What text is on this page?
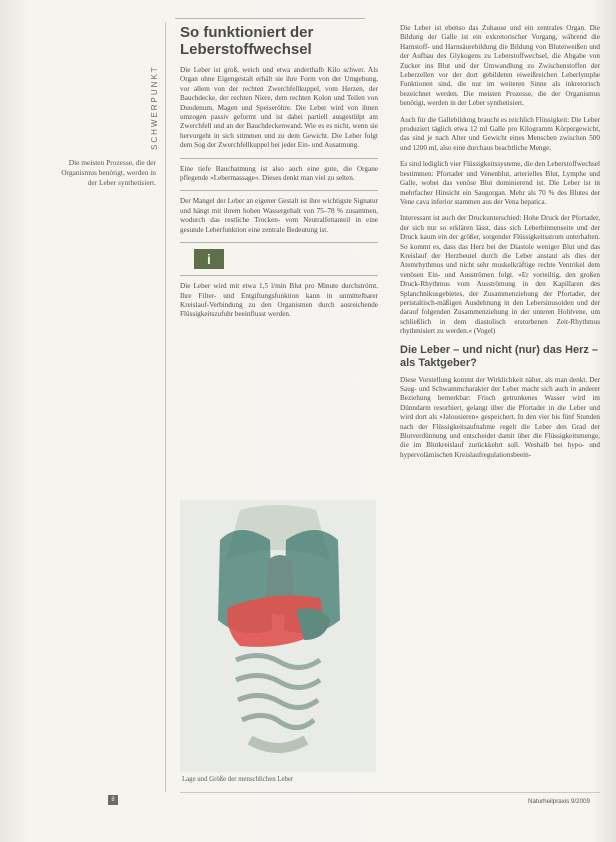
SCHWERPUNKT
Die meisten Prozesse, die der Organismus benötigt, werden in der Leber synthetisiert.
So funktioniert der Leberstoffwechsel

Die Leber ist groß, weich und etwa anderthalb Kilo schwer. Als Organ ohne Eigengestalt erhält sie ihre Form von der Umgebung, vor allem von der rechten Zwerchfellkuppel, vom Herzen, der Bauchdecke, der rechten Niere, dem rechten Kolon und Teilen von Duodenum, Magen und Speiseröhre. Die Leber wird von ihnen umzogen passiv geformt und ist dabei partiell ausgestülpt am Zwerchfell und an der Bauchdeckenwand. Wie es es nicht, wenn sie hervorgeht in sich stimmen und zu dem Gewicht. Die Leber folgt dem Sog der Zwerchfellkuppel bei jeder Ein- und Ausatmung.

Eine tiefe Bauchatmung ist also auch eine gute, die Organe pflegende »Lebermassage«. Dieses denkt man viel zu selten.

Der Mangel der Leber an eigener Gestalt ist ihre wichtigste Signatur und hängt mit ihrem hohen Wassergehalt von 75–78 % zusammen, wodurch das restliche Trocken- vom Neutralfettanteil in eine gesunde Leberfunktion eine zentrale Bedeutung ist.

i

Die Leber wird mit etwa 1,5 l/min Blut pro Minute durchströmt. Ihre Filter- und Entgiftungsfunktion kann in unmittelbarer Kreislauf-Verbindung zu den Organismen durch ausreichende Flüssigkeitszufuhr beeinflusst werden.

Lage und Größe der menschlichen Leber

Die Leber ist ebenso das Zuhause und ein zentrales Organ. Die Bildung der Galle ist ein exkretorischer Vorgang, während die Harnstoff- und Harnsäurebildung die Bildung von Bluteiweißen und der Aufbau des Glykogens zu Leberstoffwechsel, die Abgabe von Zucker ins Blut und der Umwandlung zu Zwischenstoffen der Leberzellen vor der dort gebildeten eiweißreichen Leberlymphe Funktionen sind, die nur im weiteren Sinne als inkretorisch bezeichnet werden. Die meisten Prozesse, die der Organismus benötigt, werden in der Leber synthetisiert.

Auch für die Gallebildung braucht es reichlich Flüssigkeit: Die Leber produziert täglich etwa 12 ml Galle pro Kilogramm Körpergewicht, das sind je nach Alter und Gewicht eines Menschen zwischen 500 und 1200 ml, also eine durchaus beachtliche Menge.

Es sind lediglich vier Flüssigkeitssysteme, die den Leberstoffwechsel bestimmen: Pfortader und Venenblut, arterielles Blut, Lymphe und Galle, wobei das venöse Blut dominierend ist. Die Leber ist in mehrfacher Hinsicht ein Saugorgan. Mehr als 70 % des Blutes der Vene cava inferior stammen aus der Vena hepatica.

Interessant ist auch der Druckunterschied: Hohe Druck der Pfortader, der sich nur so erklären lässt, dass sich Leberbinnenseite und der Druck kaum ein der größer, sorgender Flüssigkeitsstrom unterhalten. So kommt es, dass das Herz bei der Diastole weniger Blut und das Kreislauf der Herzbeutel durch die Leber anstaut als dies der Atemrhythmus und nicht sehr muskelkräftige rechte Ventrikel dem venösen Ein- und Ausströmen folgt. »Er vorteiltig, den großen Druck-Rhythmus vom Ausströmung in den Kapillaren des Splanchnikusgebietes, der Zusammenziehung der Pfortader, der peristaltisch-mäßigen Ausdehnung in den Lebersinusoiden und der darauf folgenden Zusammenziehung in der unteren Hohlvene, um schließlich in dem diastolisch erstorbenen Zeit-Rhythmus rhythmisiert zu werden.« (Vogel)

Die Leber – und nicht (nur) das Herz – als Taktgeber?

Diese Vorstellung kommt der Wirklichkeit näher, als man denkt. Der Saug- und Schwammcharakter der Leber macht sich auch in anderer Beziehung bemerkbar: Frisch getrunkenes Wasser wird im Dünndarm resorbiert, gelangt über die Pfortader in die Leber und wird dort als »Jalousieren« gespeichert. In den vier bis fünf Stunden nach der Flüssigkeitsaufnahme regelt die Leber den Grad der Blutverdünnung und entscheidet damit über die Flüssigkeitsmenge, die im Blutkreislauf zurückkehrt soll. Weshalb bei hypo- und hypervolämischen Kreislaufregulationsbeein-

8	Naturheilpraxis 9/2009
